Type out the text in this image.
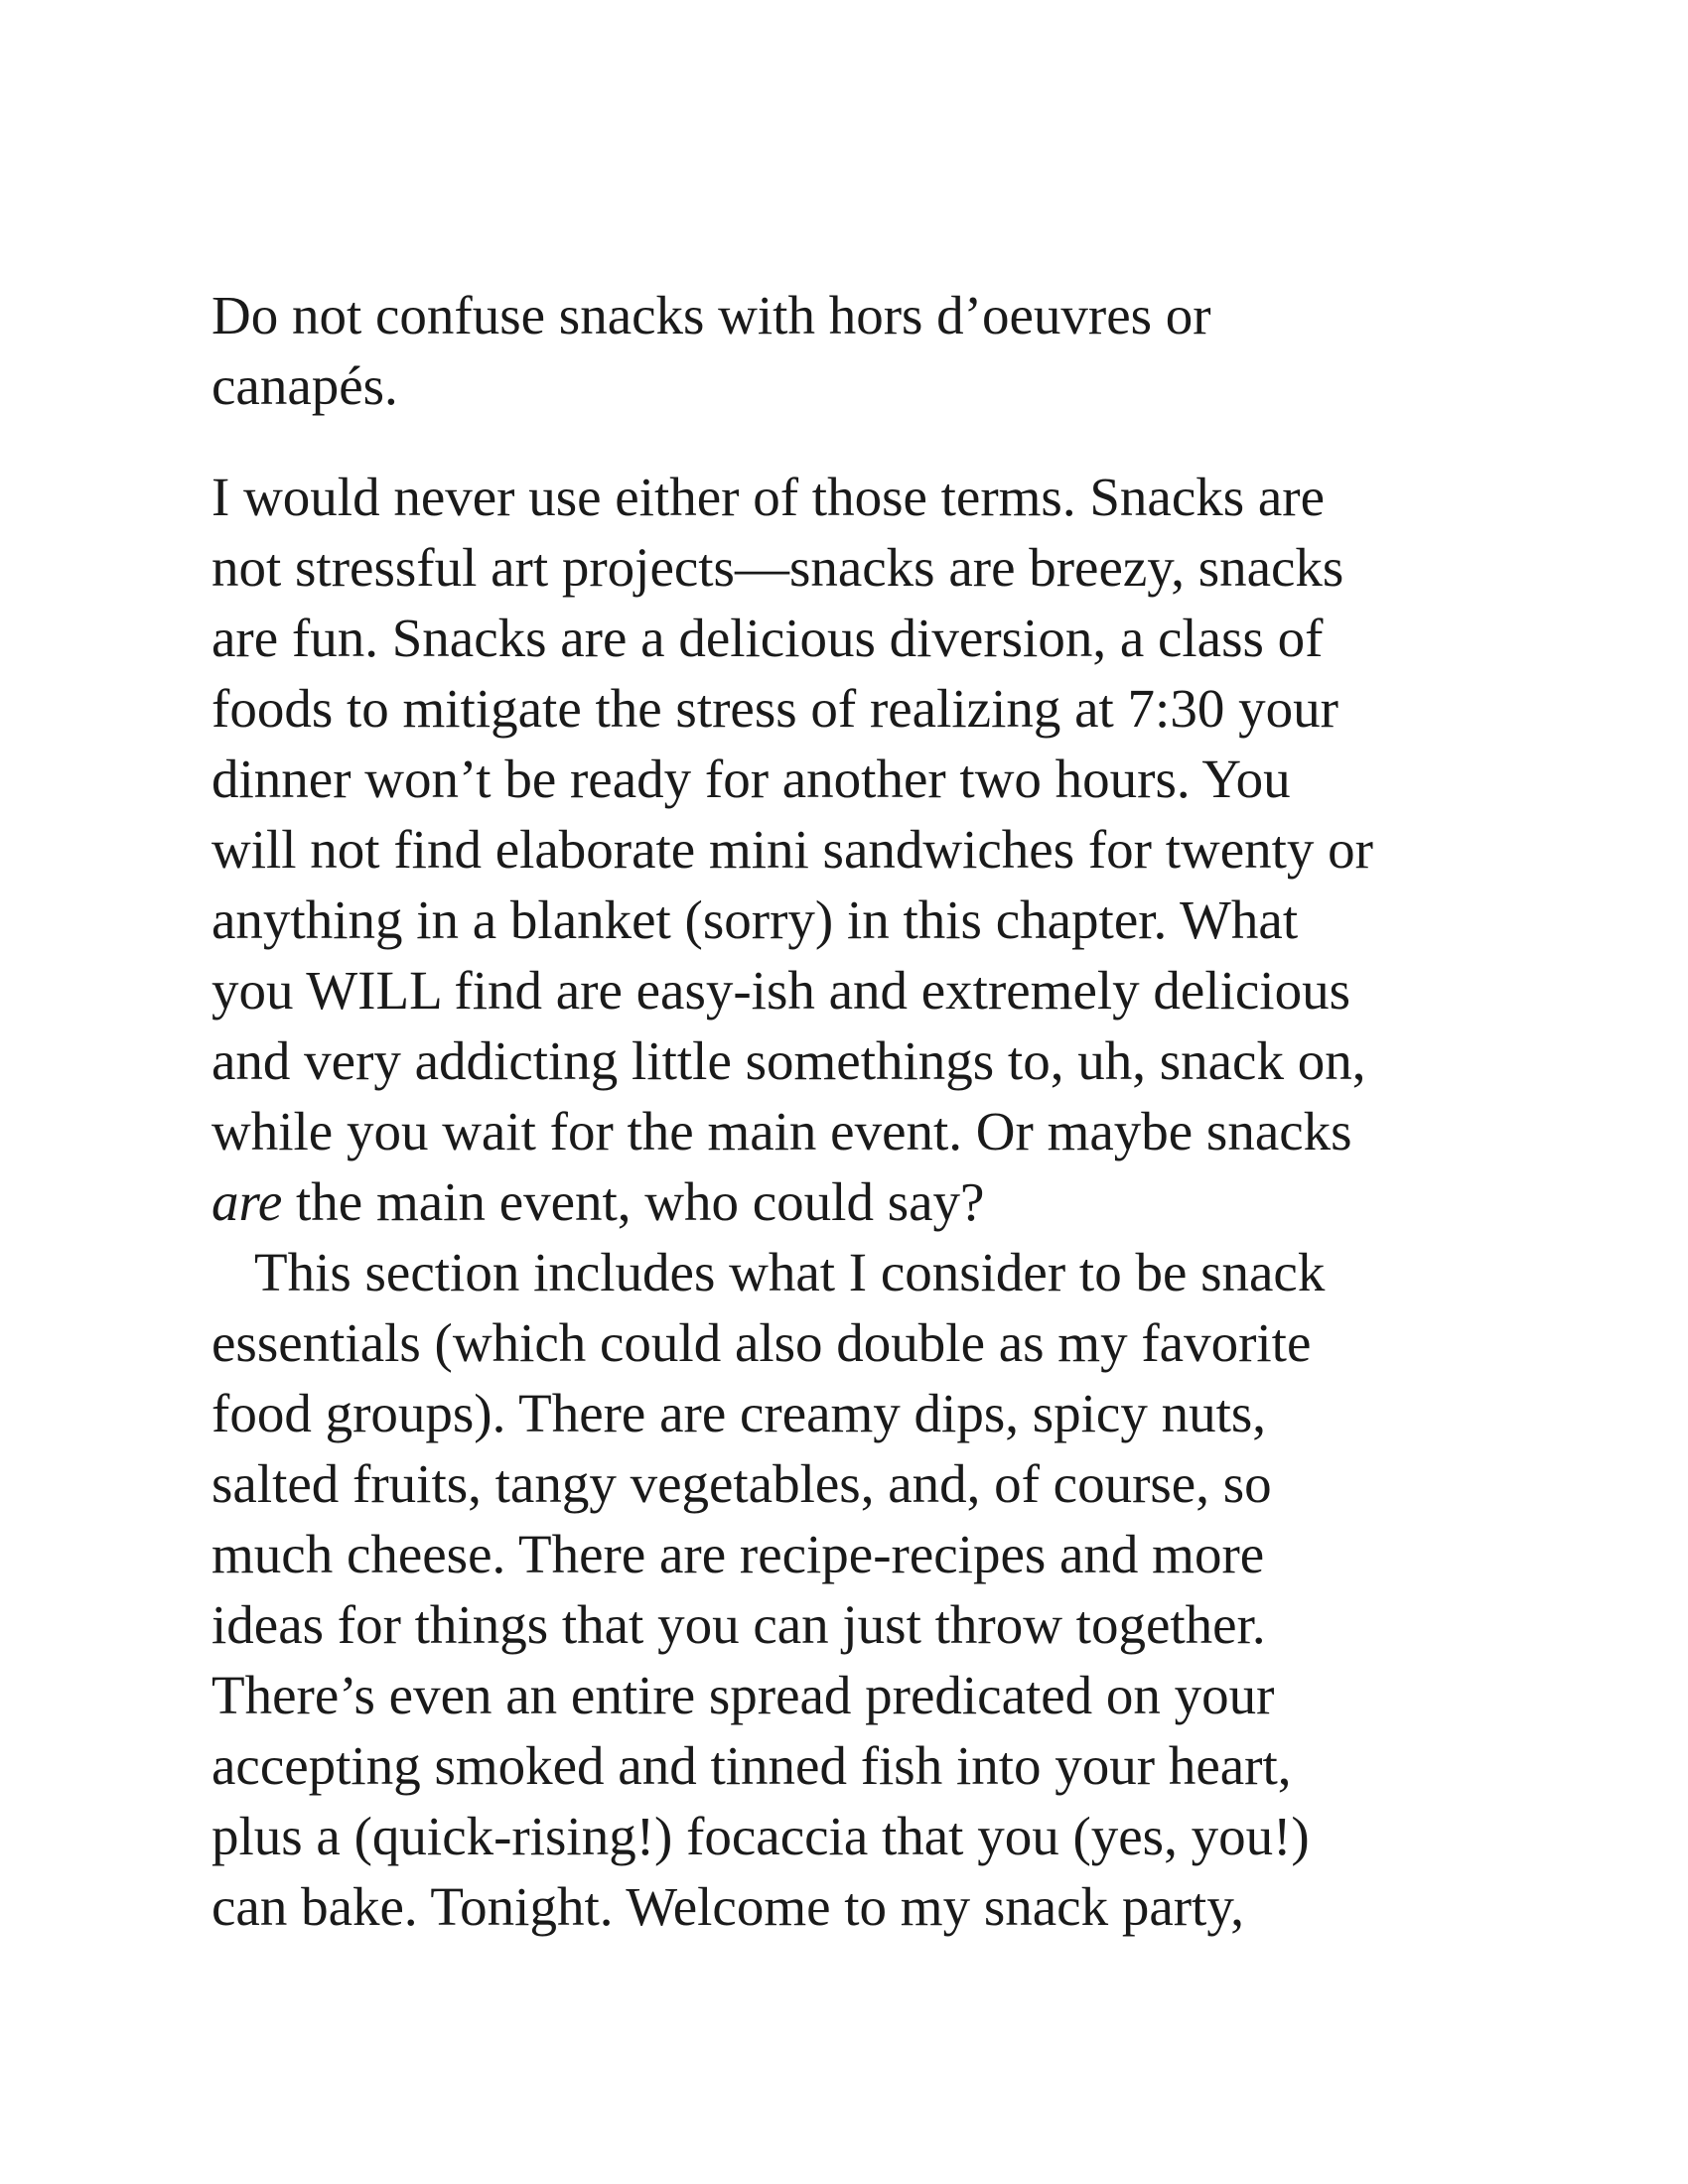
Do not confuse snacks with hors d’oeuvres or
canapés.

I would never use either of those terms. Snacks are
not stressful art projects—snacks are breezy, snacks
are fun. Snacks are a delicious diversion, a class of
foods to mitigate the stress of realizing at 7:30 your
dinner won’t be ready for another two hours. You
will not find elaborate mini sandwiches for twenty or
anything in a blanket (sorry) in this chapter. What
you WILL find are easy-ish and extremely delicious
and very addicting little somethings to, uh, snack on,
while you wait for the main event. Or maybe snacks
are the main event, who could say?

This section includes what I consider to be snack
essentials (which could also double as my favorite
food groups). There are creamy dips, spicy nuts,
salted fruits, tangy vegetables, and, of course, so
much cheese. There are recipe-recipes and more
ideas for things that you can just throw together.
There’s even an entire spread predicated on your
accepting smoked and tinned fish into your heart,
plus a (quick-rising!) focaccia that you (yes, you!)
can bake. Tonight. Welcome to my snack party,
